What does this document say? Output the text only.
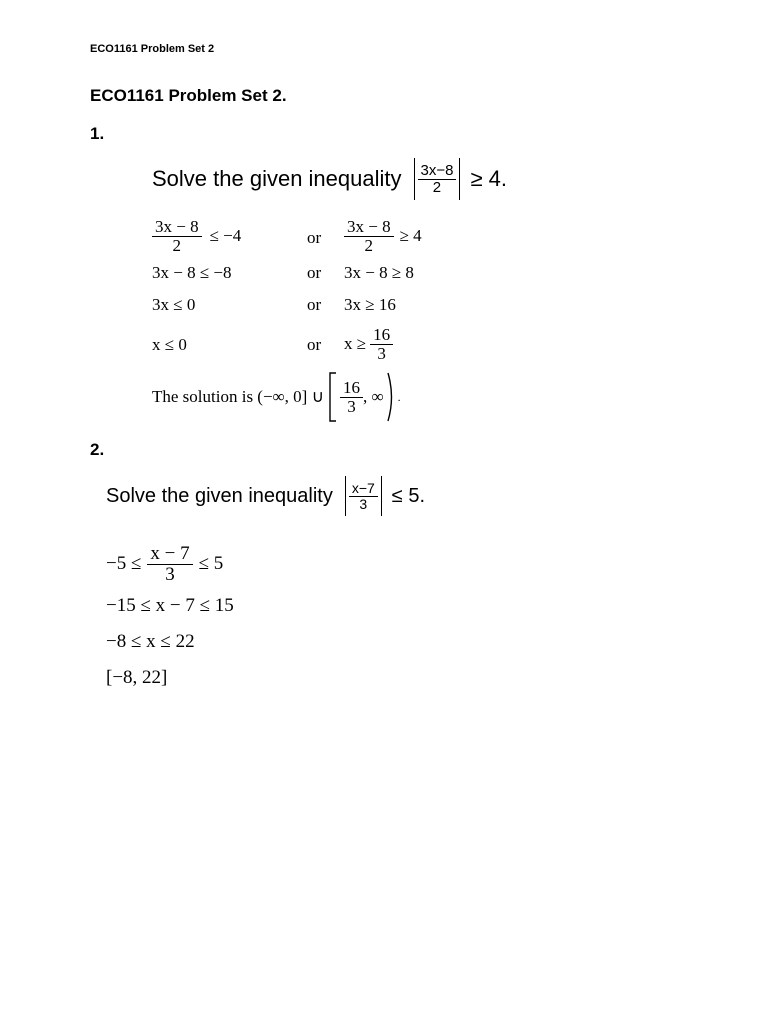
ECO1161 Problem Set 2
ECO1161 Problem Set 2.
1.
Solve the given inequality $\frac{3x-8}{2} \ge 4$.
$\frac{3x - 8}{2} \le -4$	or $\frac{3x - 8}{2} \ge 4$
3x − 8 ≤ −8	or 3x − 8 ≥ 8
3x ≤ 0	or 3x ≥ 16
x ≤ 0	or $x \ge \frac{16}{3}$
The solution is (−∞, 0] ∪ $\frac{16}{3}$ , ∞ .
2.
Solve the given inequality $\frac{x-7}{3} \le 5$.
$-5 \le \frac{x - 7}{3} \le 5$
−15 ≤ x − 7 ≤ 15
−8 ≤ x ≤ 22
[−8, 22]
